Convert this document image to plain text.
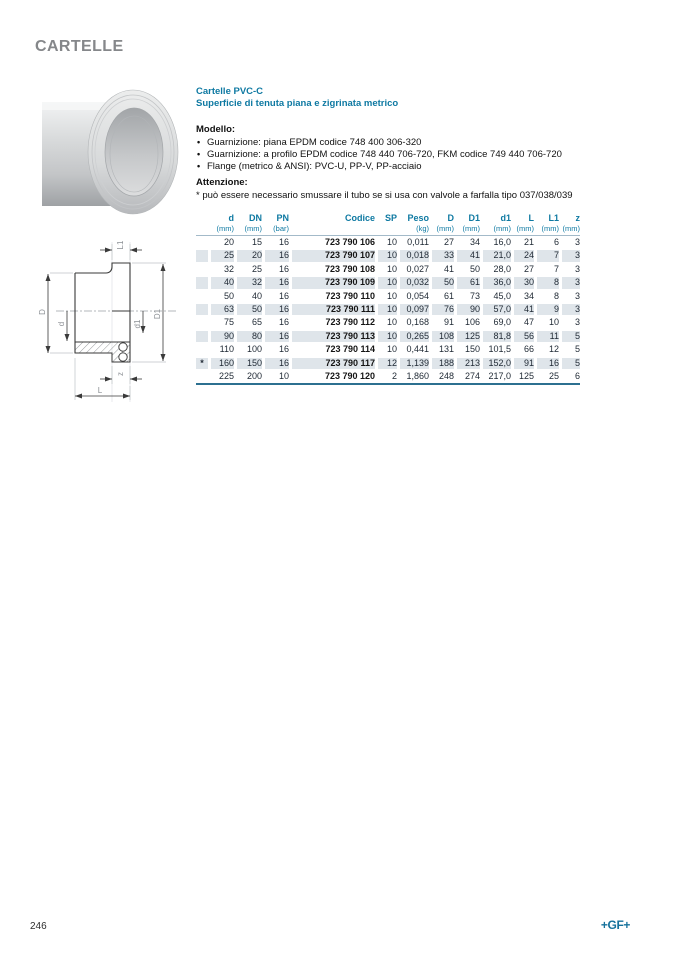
CARTELLE
D
d	d1
D1
L1
z
L
Cartelle PVC-C
Superficie di tenuta piana e zigrinata metrico
Modello:
• Guarnizione: piana EPDM codice 748 400 306-320
• Guarnizione: a profilo EPDM codice 748 440 706-720, FKM codice 749 440 706-720
• Flange (metrico & ANSI): PVC-U, PP-V, PP-acciaio
Attenzione:
* può essere necessario smussare il tubo se si usa con valvole a farfalla tipo 037/038/039
	d	DN	PN	Codice	SP	Peso	D	D1	d1	L	L1	z
	(mm)	(mm)	(bar)			(kg)	(mm)	(mm)	(mm)	(mm)	(mm)	(mm)
	20	15	16	723 790 106	10	0,011	27	34	16,0	21	6	3
	25	20	16	723 790 107	10	0,018	33	41	21,0	24	7	3
	32	25	16	723 790 108	10	0,027	41	50	28,0	27	7	3
	40	32	16	723 790 109	10	0,032	50	61	36,0	30	8	3
	50	40	16	723 790 110	10	0,054	61	73	45,0	34	8	3
	63	50	16	723 790 111	10	0,097	76	90	57,0	41	9	3
	75	65	16	723 790 112	10	0,168	91	106	69,0	47	10	3
	90	80	16	723 790 113	10	0,265	108	125	81,8	56	11	5
	110	100	16	723 790 114	10	0,441	131	150	101,5	66	12	5
*	160	150	16	723 790 117	12	1,139	188	213	152,0	91	16	5
	225	200	10	723 790 120	2	1,860	248	274	217,0	125	25	6
246	+GF+
